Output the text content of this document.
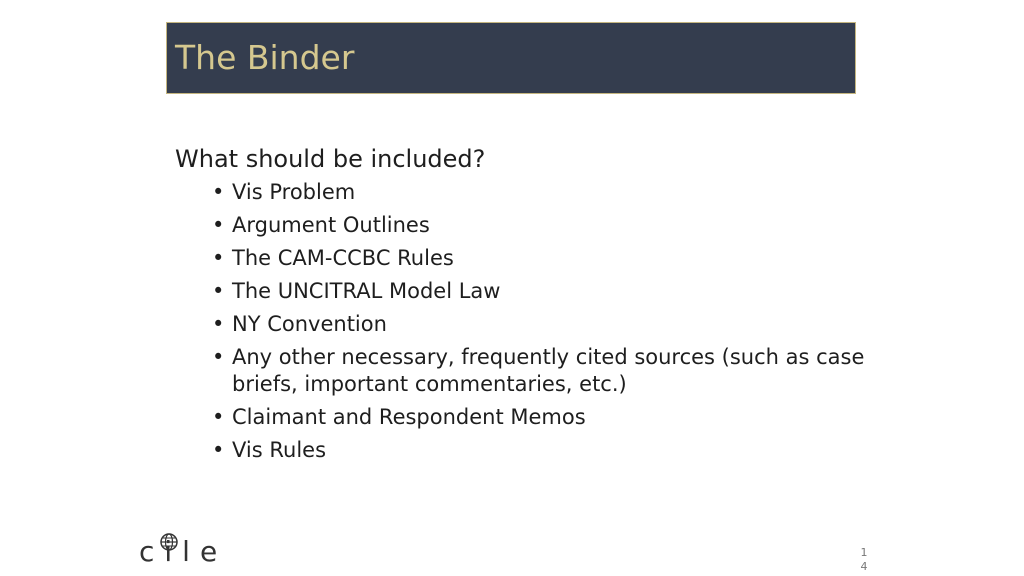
The Binder
What should be included?
• Vis Problem
• Argument Outlines
• The CAM-CCBC Rules
• The UNCITRAL Model Law
• NY Convention
• Any other necessary, frequently cited sources (such as case briefs, important commentaries, etc.)
• Claimant and Respondent Memos
• Vis Rules
cile	14
